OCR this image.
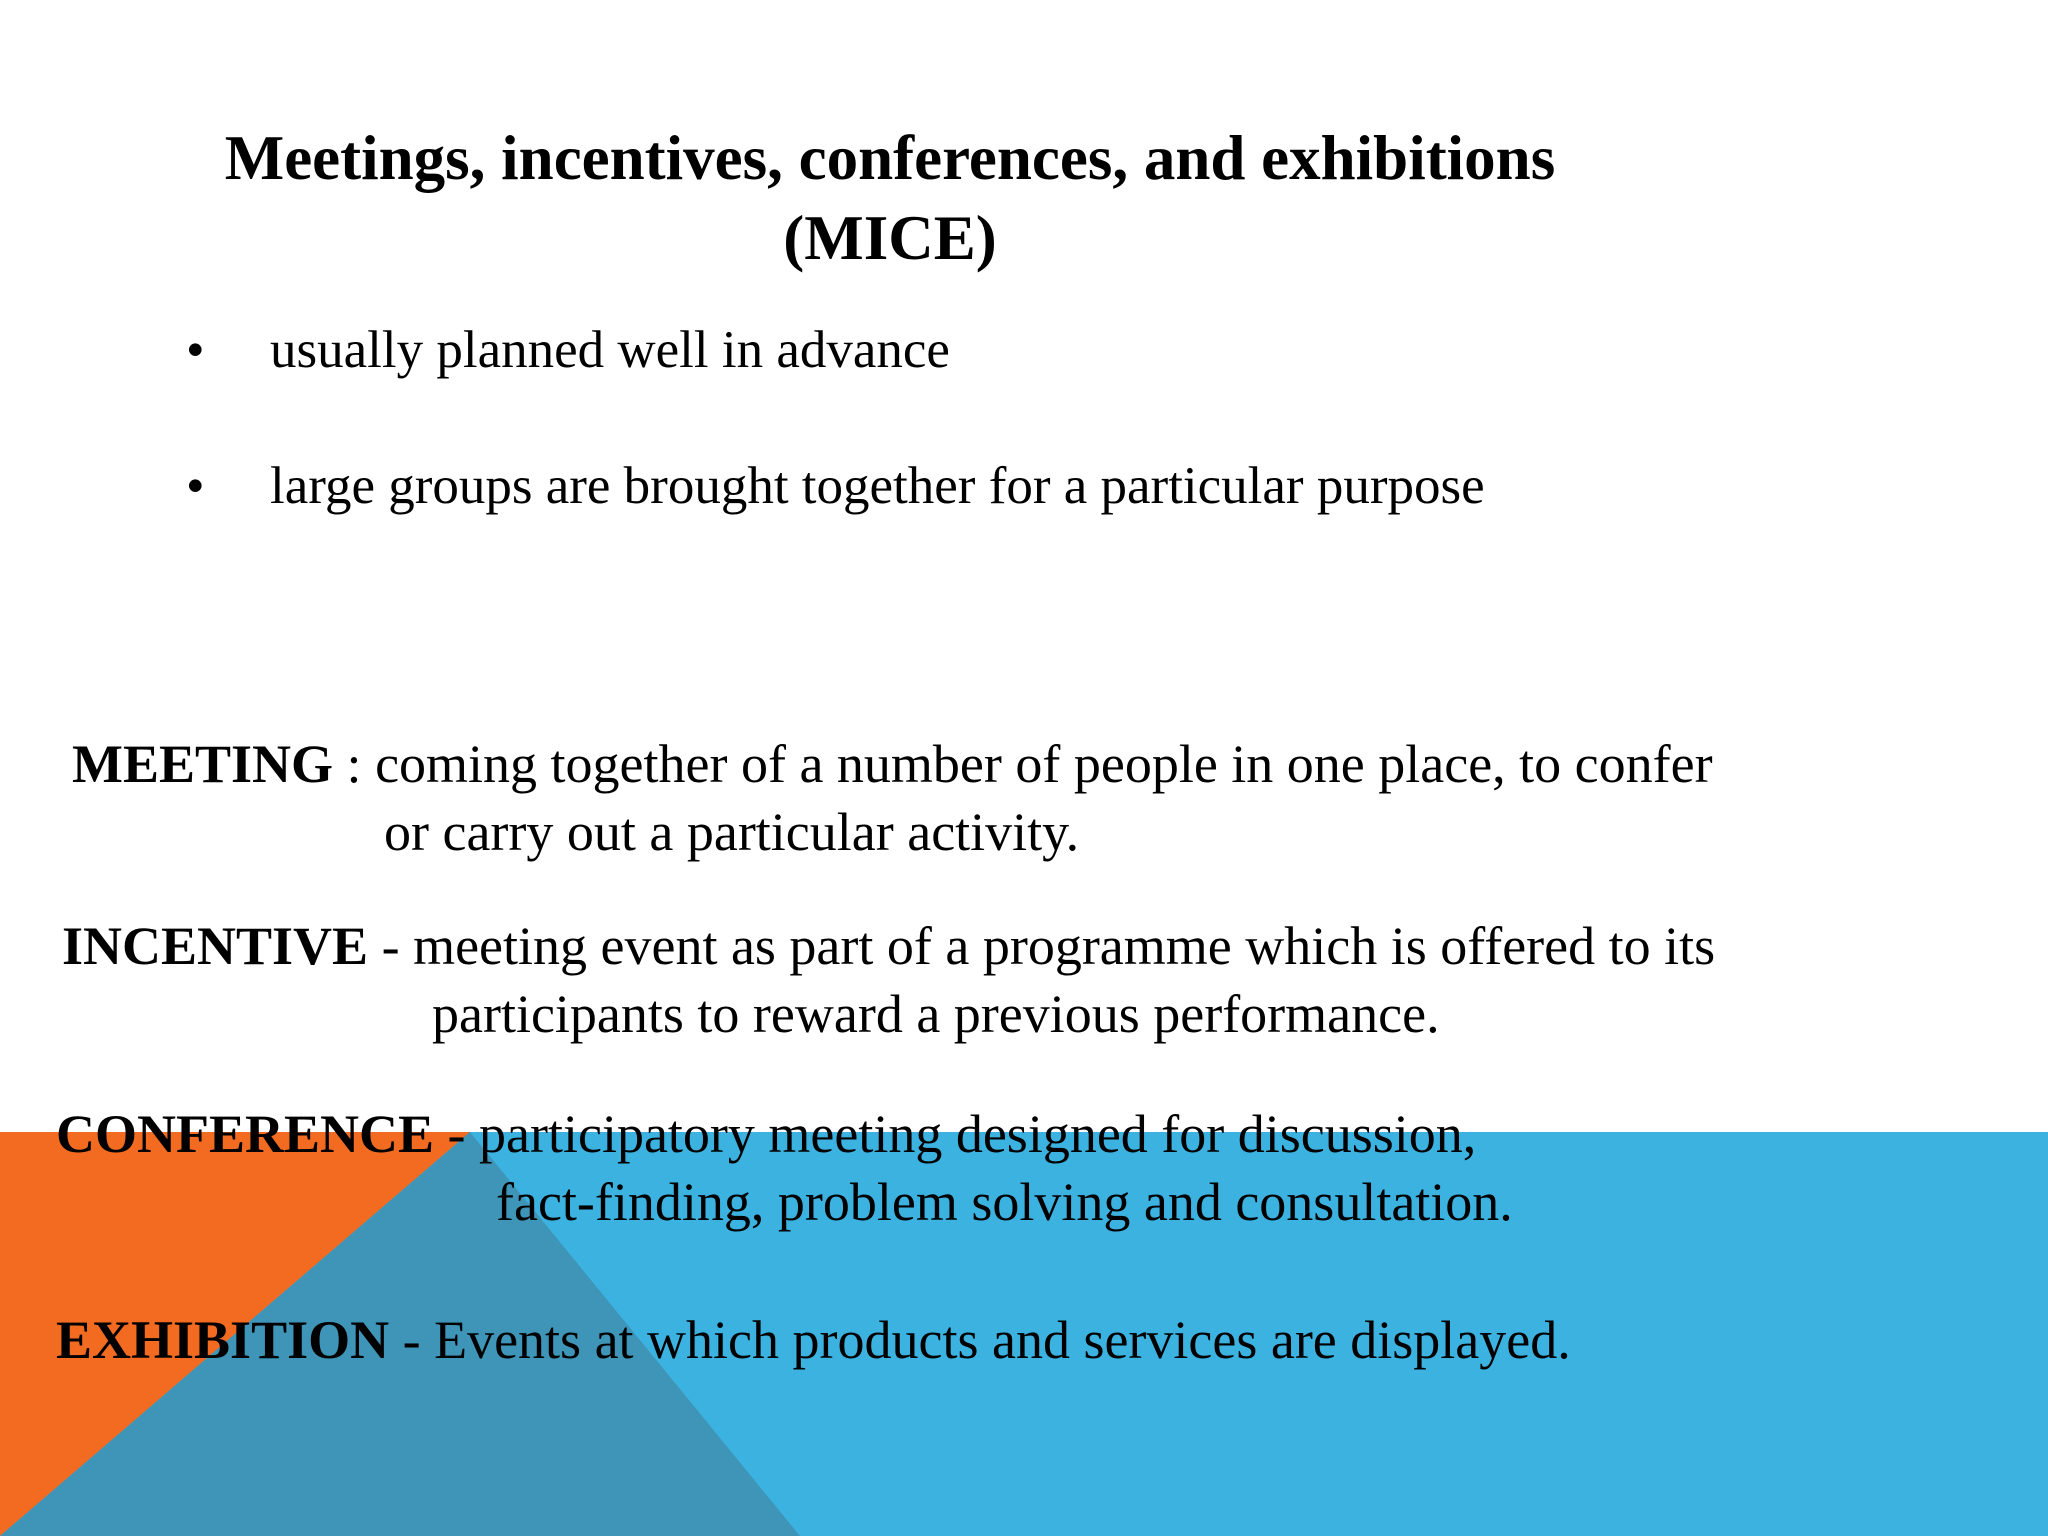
Meetings, incentives, conferences, and exhibitions
(MICE)
• usually planned well in advance
• large groups are brought together for a particular purpose
MEETING : coming together of a number of people in one place, to confer
or carry out a particular activity.
INCENTIVE - meeting event as part of a programme which is offered to its
participants to reward a previous performance.
CONFERENCE - participatory meeting designed for discussion,
fact-finding, problem solving and consultation.
EXHIBITION - Events at which products and services are displayed.
